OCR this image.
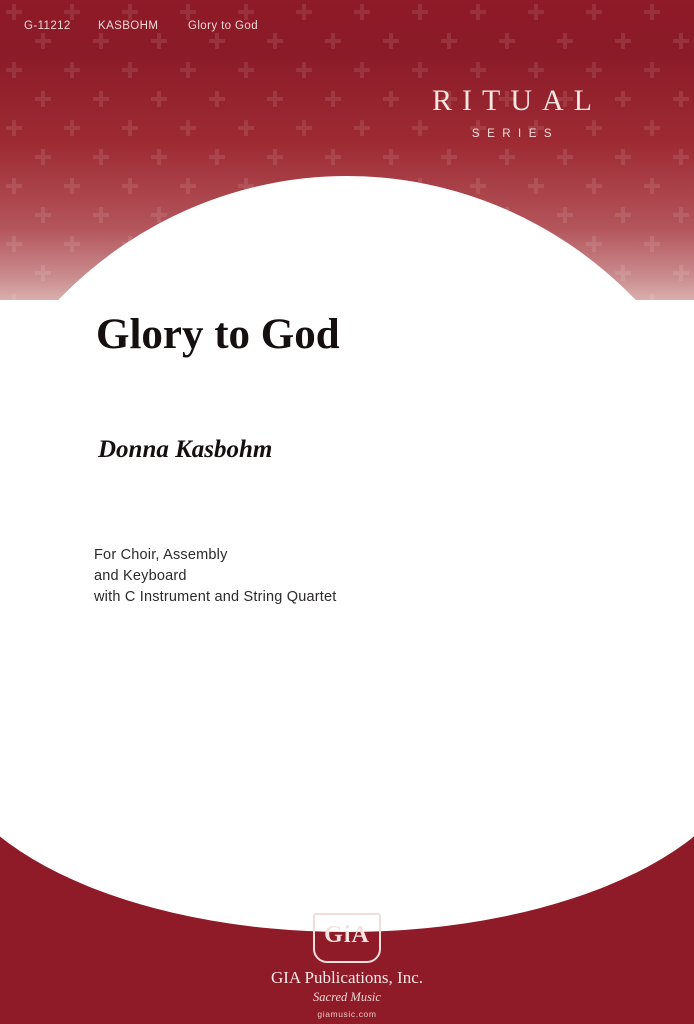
RITUAL
SERIES
G-11212	KASBOHM	Glory to God
Glory to God
Donna Kasbohm
For Choir, Assembly
and Keyboard
with C Instrument and String Quartet
GiA
GIA Publications, Inc.
Sacred Music
giamusic.com
